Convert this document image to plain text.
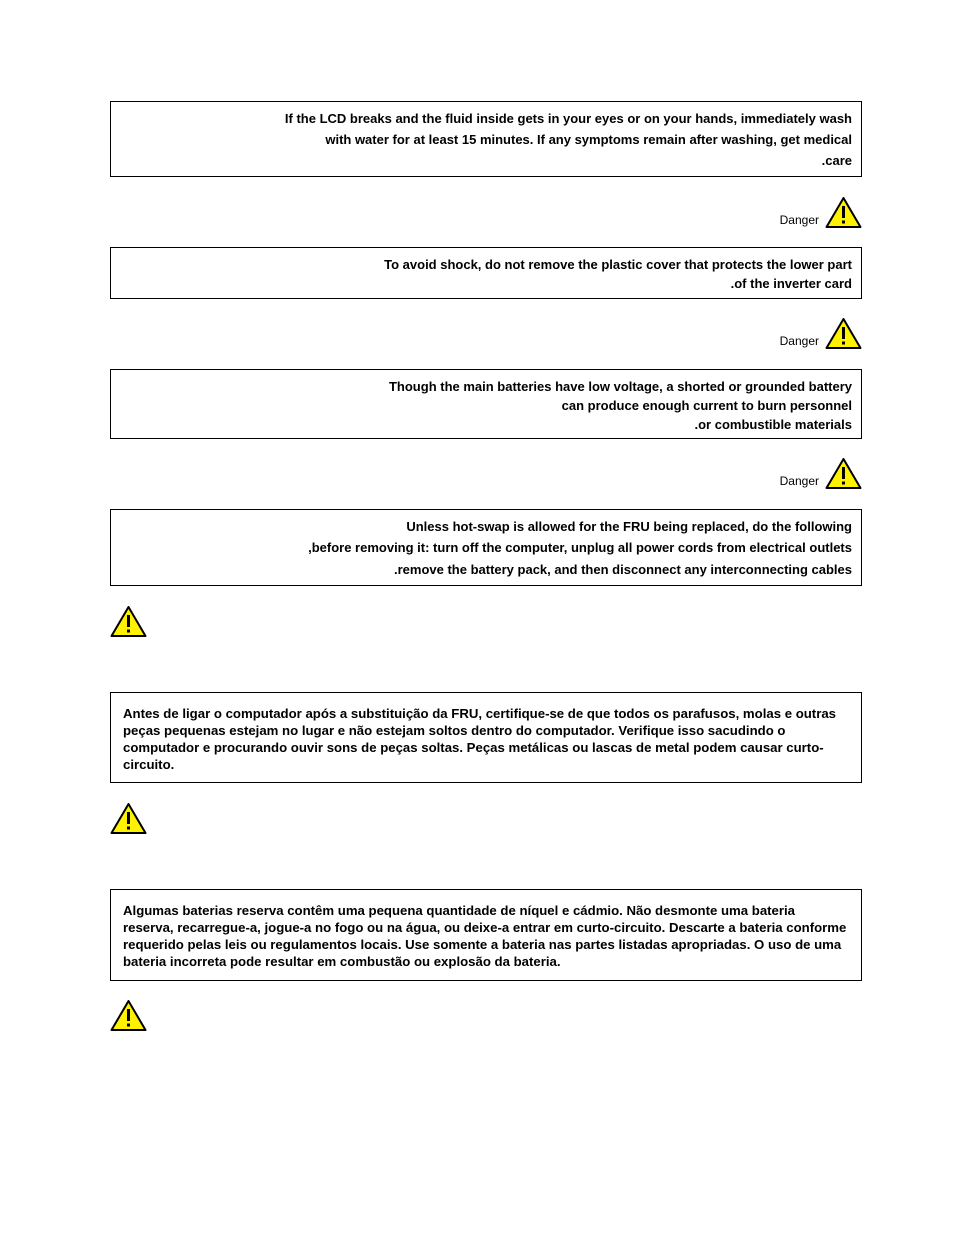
If the LCD breaks and the fluid inside gets in your eyes or on your hands, immediately wash

with water for at least 15 minutes. If any symptoms remain after washing, get medical

care.

Danger

To avoid shock, do not remove the plastic cover that protects the lower part

of the inverter card.

Danger

Though the main batteries have low voltage, a shorted or grounded battery

can produce enough current to burn personnel

or combustible materials.

Danger

Unless hot-swap is allowed for the FRU being replaced, do the following

before removing it: turn off the computer, unplug all power cords from electrical outlets,

remove the battery pack, and then disconnect any interconnecting cables.

Antes de ligar o computador após a substituição da FRU, certifique-se de que todos os parafusos, molas e outras peças pequenas estejam no lugar e não estejam soltos dentro do computador. Verifique isso sacudindo o computador e procurando ouvir sons de peças soltas. Peças metálicas ou lascas de metal podem causar curto-circuito.

Algumas baterias reserva contêm uma pequena quantidade de níquel e cádmio. Não desmonte uma bateria reserva, recarregue-a, jogue-a no fogo ou na água, ou deixe-a entrar em curto-circuito. Descarte a bateria conforme requerido pelas leis ou regulamentos locais. Use somente a bateria nas partes listadas apropriadas. O uso de uma bateria incorreta pode resultar em combustão ou explosão da bateria.
